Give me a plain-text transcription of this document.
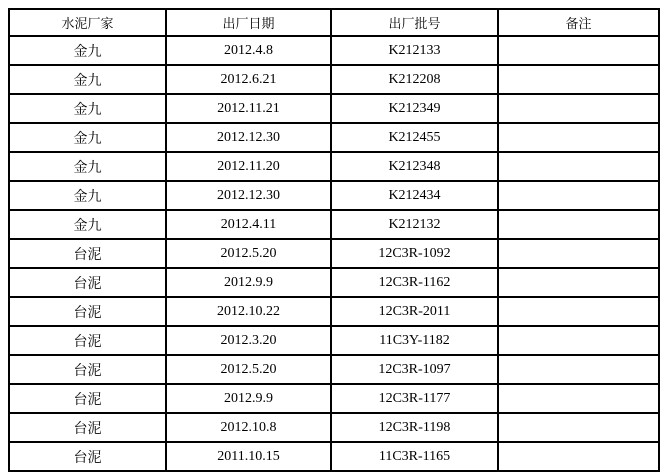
水泥厂家	出厂日期	出厂批号	备注
金九	2012.4.8	K212133	
金九	2012.6.21	K212208	
金九	2012.11.21	K212349	
金九	2012.12.30	K212455	
金九	2012.11.20	K212348	
金九	2012.12.30	K212434	
金九	2012.4.11	K212132	
台泥	2012.5.20	12C3R-1092	
台泥	2012.9.9	12C3R-1162	
台泥	2012.10.22	12C3R-2011	
台泥	2012.3.20	11C3Y-1182	
台泥	2012.5.20	12C3R-1097	
台泥	2012.9.9	12C3R-1177	
台泥	2012.10.8	12C3R-1198	
台泥	2011.10.15	11C3R-1165	
